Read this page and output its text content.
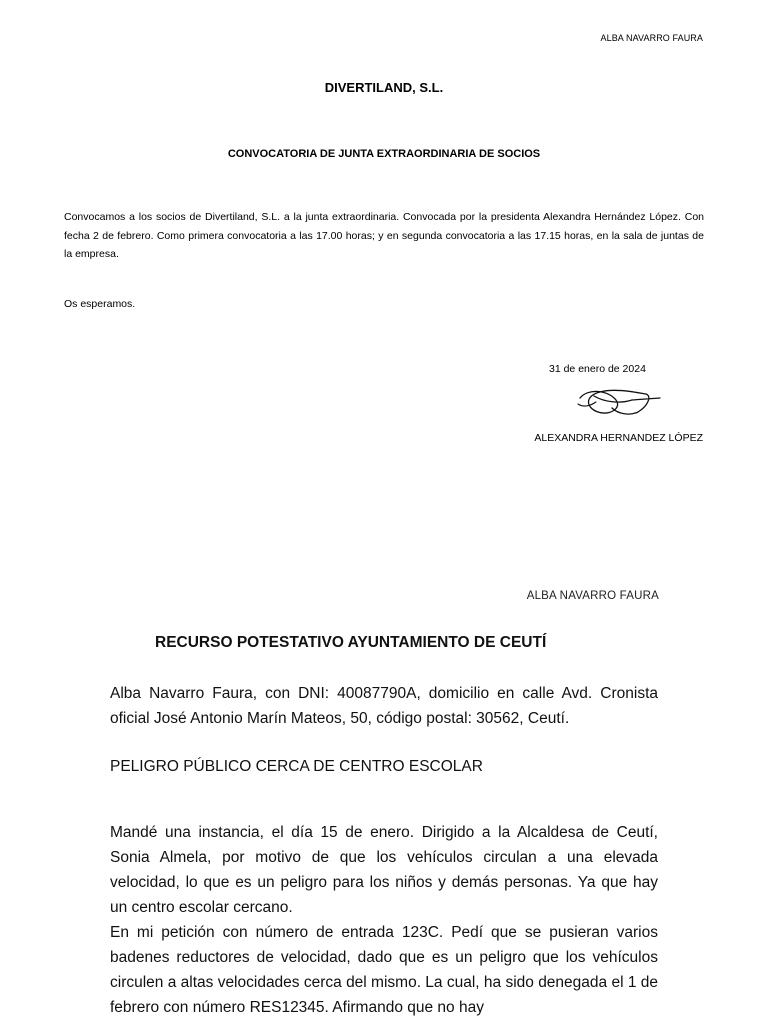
ALBA NAVARRO FAURA
DIVERTILAND, S.L.
CONVOCATORIA DE JUNTA EXTRAORDINARIA DE SOCIOS
Convocamos a los socios de Divertiland, S.L. a la junta extraordinaria. Convocada por la presidenta Alexandra Hernández López. Con fecha 2 de febrero. Como primera convocatoria a las 17.00 horas; y en segunda convocatoria a las 17.15 horas, en la sala de juntas de la empresa.
Os esperamos.
31 de enero de 2024
ALEXANDRA HERNANDEZ LÓPEZ
ALBA NAVARRO FAURA
RECURSO POTESTATIVO AYUNTAMIENTO DE CEUTÍ
Alba Navarro Faura, con DNI: 40087790A, domicilio en calle Avd. Cronista oficial José Antonio Marín Mateos, 50, código postal: 30562, Ceutí.
PELIGRO PÚBLICO CERCA DE CENTRO ESCOLAR
Mandé una instancia, el día 15 de enero. Dirigido a la Alcaldesa de Ceutí, Sonia Almela, por motivo de que los vehículos circulan a una elevada velocidad, lo que es un peligro para los niños y demás personas. Ya que hay un centro escolar cercano.
En mi petición con número de entrada 123C. Pedí que se pusieran varios badenes reductores de velocidad, dado que es un peligro que los vehículos circulen a altas velocidades cerca del mismo. La cual, ha sido denegada el 1 de febrero con número RES12345. Afirmando que no hay
